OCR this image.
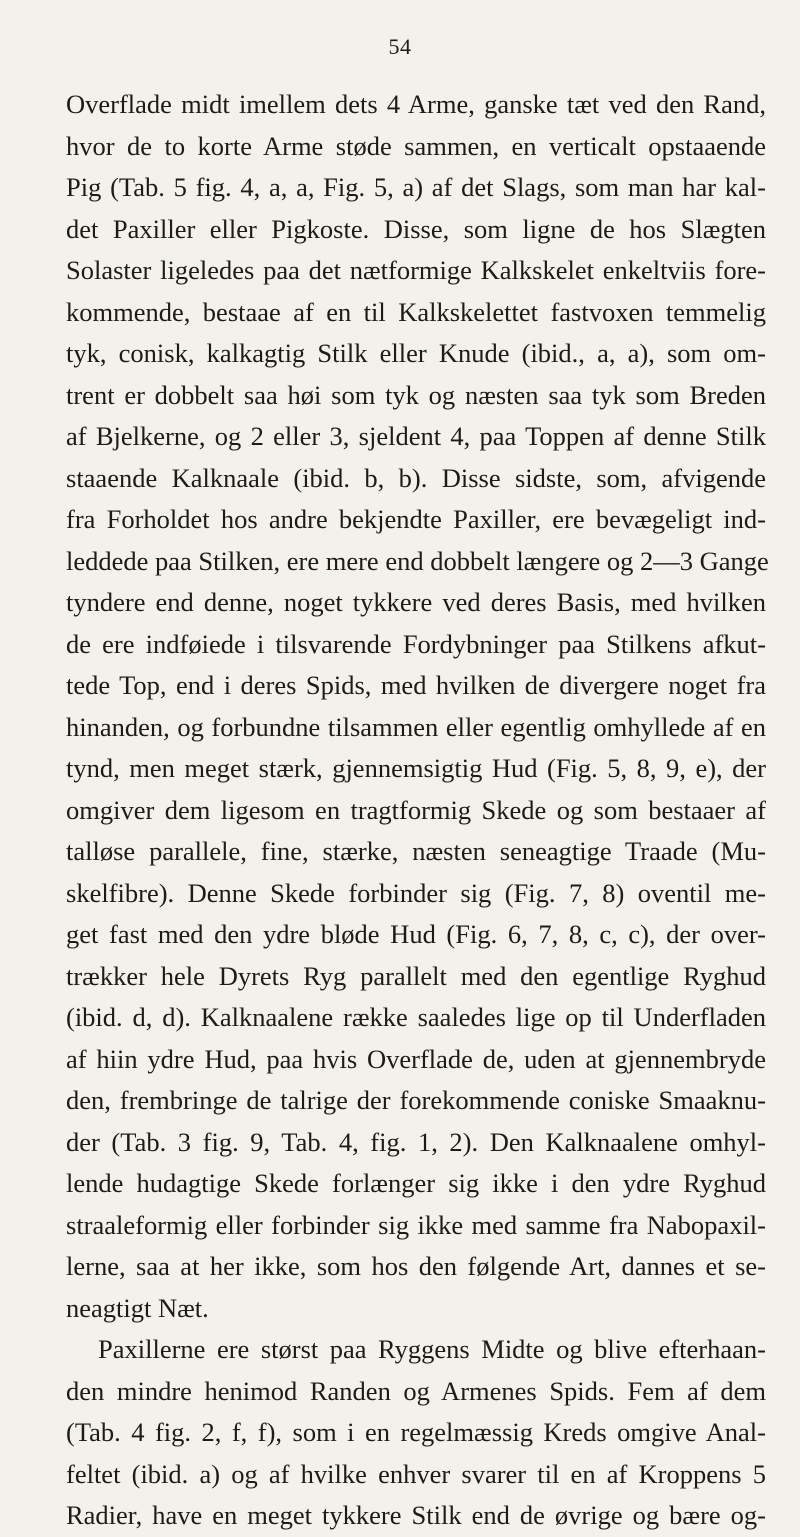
54
Overflade midt imellem dets 4 Arme, ganske tæt ved den Rand,
hvor de to korte Arme støde sammen, en verticalt opstaaende
Pig (Tab. 5 fig. 4, a, a, Fig. 5, a) af det Slags, som man har kal-
det Paxiller eller Pigkoste. Disse, som ligne de hos Slægten
Solaster ligeledes paa det nætformige Kalkskelet enkeltviis fore-
kommende, bestaae af en til Kalkskelettet fastvoxen temmelig
tyk, conisk, kalkagtig Stilk eller Knude (ibid., a, a), som om-
trent er dobbelt saa høi som tyk og næsten saa tyk som Breden
af Bjelkerne, og 2 eller 3, sjeldent 4, paa Toppen af denne Stilk
staaende Kalknaale (ibid. b, b). Disse sidste, som, afvigende
fra Forholdet hos andre bekjendte Paxiller, ere bevægeligt ind-
leddede paa Stilken, ere mere end dobbelt længere og 2—3 Gange
tyndere end denne, noget tykkere ved deres Basis, med hvilken
de ere indføiede i tilsvarende Fordybninger paa Stilkens afkut-
tede Top, end i deres Spids, med hvilken de divergere noget fra
hinanden, og forbundne tilsammen eller egentlig omhyllede af en
tynd, men meget stærk, gjennemsigtig Hud (Fig. 5, 8, 9, e), der
omgiver dem ligesom en tragtformig Skede og som bestaaer af
talløse parallele, fine, stærke, næsten seneagtige Traade (Mu-
skelfibre). Denne Skede forbinder sig (Fig. 7, 8) oventil me-
get fast med den ydre bløde Hud (Fig. 6, 7, 8, c, c), der over-
trækker hele Dyrets Ryg parallelt med den egentlige Ryghud
(ibid. d, d). Kalknaalene række saaledes lige op til Underfladen
af hiin ydre Hud, paa hvis Overflade de, uden at gjennembryde
den, frembringe de talrige der forekommende coniske Smaaknu-
der (Tab. 3 fig. 9, Tab. 4, fig. 1, 2). Den Kalknaalene omhyl-
lende hudagtige Skede forlænger sig ikke i den ydre Ryghud
straaleformig eller forbinder sig ikke med samme fra Nabopaxil-
lerne, saa at her ikke, som hos den følgende Art, dannes et se-
neagtigt Næt.
Paxillerne ere størst paa Ryggens Midte og blive efterhaan-
den mindre henimod Randen og Armenes Spids. Fem af dem
(Tab. 4 fig. 2, f, f), som i en regelmæssig Kreds omgive Anal-
feltet (ibid. a) og af hvilke enhver svarer til en af Kroppens 5
Radier, have en meget tykkere Stilk end de øvrige og bære og-
